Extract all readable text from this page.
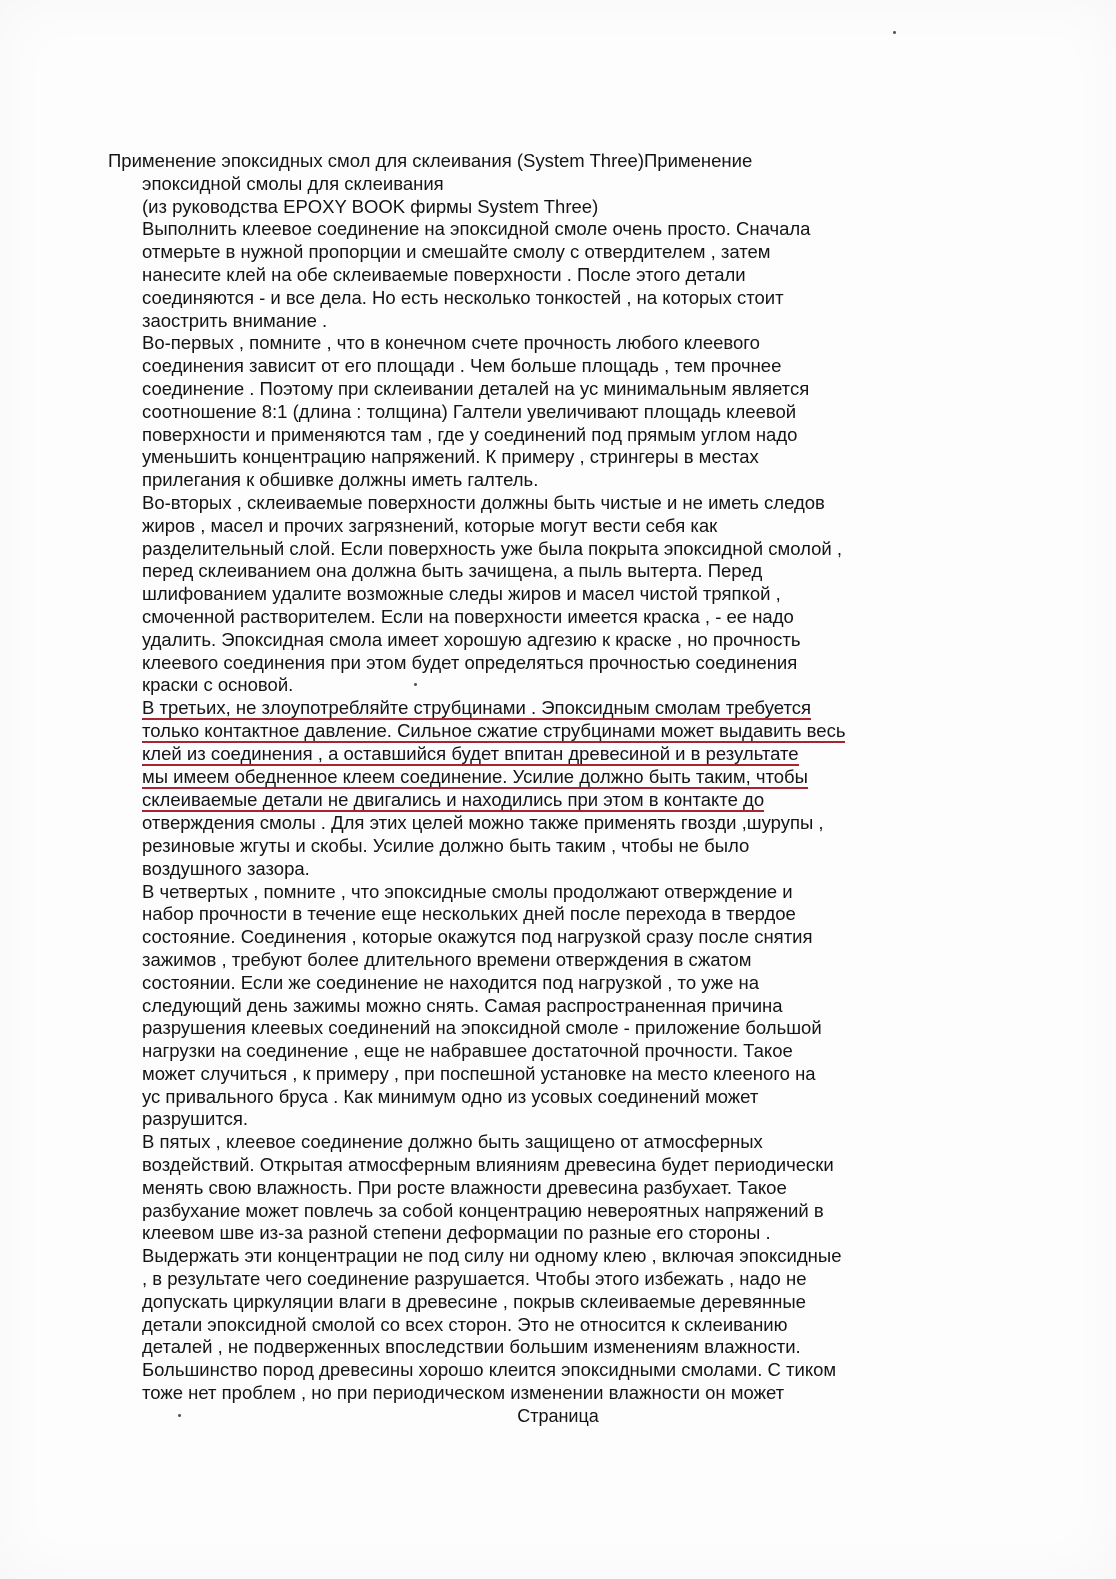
Применение эпоксидных смол для склеивания (System Three)Применение
эпоксидной смолы для склеивания
(из руководства EPOXY BOOK фирмы System Three)
Выполнить клеевое соединение на эпоксидной смоле очень просто. Сначала
отмерьте в нужной пропорции и смешайте смолу с отвердителем , затем
нанесите клей на обе склеиваемые поверхности . После этого детали
соединяются - и все дела. Но есть несколько тонкостей , на которых стоит
заострить внимание .
Во-первых , помните , что в конечном счете прочность любого клеевого
соединения зависит от его площади . Чем больше площадь , тем прочнее
соединение . Поэтому при склеивании деталей на ус минимальным является
соотношение 8:1 (длина : толщина) Галтели увеличивают площадь клеевой
поверхности и применяются там , где у соединений под прямым углом надо
уменьшить концентрацию напряжений. К примеру , стрингеры в местах
прилегания к обшивке должны иметь галтель.
Во-вторых , склеиваемые поверхности должны быть чистые и не иметь следов
жиров , масел и прочих загрязнений, которые могут вести себя как
разделительный слой. Если поверхность уже была покрыта эпоксидной смолой ,
перед склеиванием она должна быть зачищена, а пыль вытерта. Перед
шлифованием удалите возможные следы жиров и масел чистой тряпкой ,
смоченной растворителем. Если на поверхности имеется краска , - ее надо
удалить. Эпоксидная смола имеет хорошую адгезию к краске , но прочность
клеевого соединения при этом будет определяться прочностью соединения
краски с основой.
В третьих, не злоупотребляйте струбцинами . Эпоксидным смолам требуется
только контактное давление. Сильное сжатие струбцинами может выдавить весь
клей из соединения , а оставшийся будет впитан древесиной и в результате
мы имеем обедненное клеем соединение. Усилие должно быть таким, чтобы
склеиваемые детали не двигались и находились при этом в контакте до
отверждения смолы . Для этих целей можно также применять гвозди ,шурупы ,
резиновые жгуты и скобы. Усилие должно быть таким , чтобы не было
воздушного зазора.
В четвертых , помните , что эпоксидные смолы продолжают отверждение и
набор прочности в течение еще нескольких дней после перехода в твердое
состояние. Соединения , которые окажутся под нагрузкой сразу после снятия
зажимов , требуют более длительного времени отверждения в сжатом
состоянии. Если же соединение не находится под нагрузкой , то уже на
следующий день зажимы можно снять. Самая распространенная причина
разрушения клеевых соединений на эпоксидной смоле - приложение большой
нагрузки на соединение , еще не набравшее достаточной прочности. Такое
может случиться , к примеру , при поспешной установке на место клееного на
ус привального бруса . Как минимум одно из усовых соединений может
разрушится.
В пятых , клеевое соединение должно быть защищено от атмосферных
воздействий. Открытая атмосферным влияниям древесина будет периодически
менять свою влажность. При росте влажности древесина разбухает. Такое
разбухание может повлечь за собой концентрацию невероятных напряжений в
клеевом шве из-за разной степени деформации по разные его стороны .
Выдержать эти концентрации не под силу ни одному клею , включая эпоксидные
, в результате чего соединение разрушается. Чтобы этого избежать , надо не
допускать циркуляции влаги в древесине , покрыв склеиваемые деревянные
детали эпоксидной смолой со всех сторон. Это не относится к склеиванию
деталей , не подверженных впоследствии большим изменениям влажности.
Большинство пород древесины хорошо клеится эпоксидными смолами. С тиком
тоже нет проблем , но при периодическом изменении влажности он может
Страница
